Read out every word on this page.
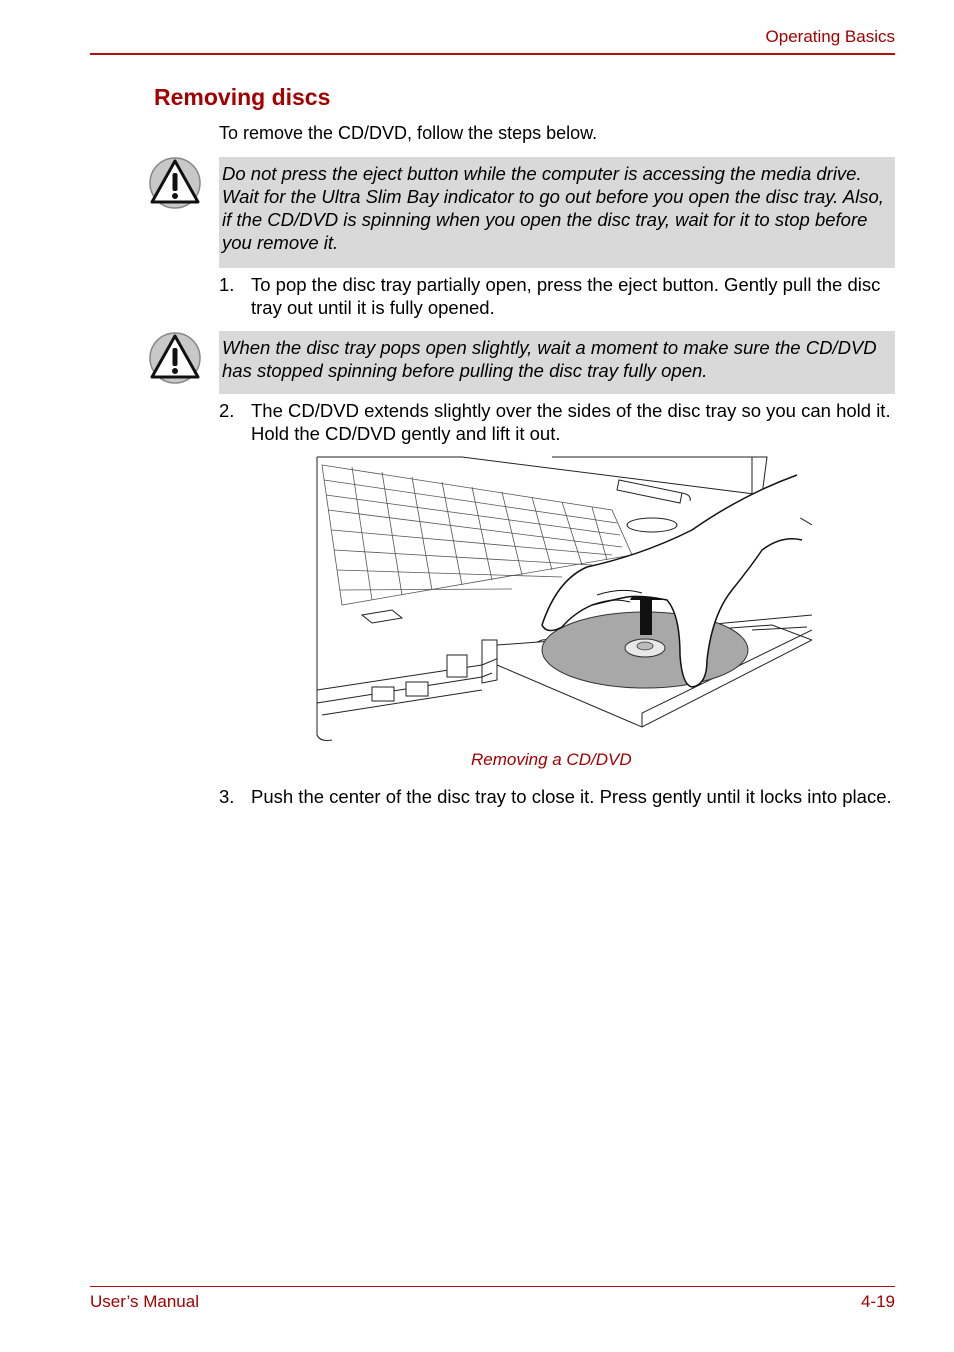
Operating Basics
Removing discs
To remove the CD/DVD, follow the steps below.
Do not press the eject button while the computer is accessing the media drive. Wait for the Ultra Slim Bay indicator to go out before you open the disc tray. Also, if the CD/DVD is spinning when you open the disc tray, wait for it to stop before you remove it.
1. To pop the disc tray partially open, press the eject button. Gently pull the disc tray out until it is fully opened.
When the disc tray pops open slightly, wait a moment to make sure the CD/DVD has stopped spinning before pulling the disc tray fully open.
2. The CD/DVD extends slightly over the sides of the disc tray so you can hold it. Hold the CD/DVD gently and lift it out.
Removing a CD/DVD
3. Push the center of the disc tray to close it. Press gently until it locks into place.
User’s Manual	4-19
